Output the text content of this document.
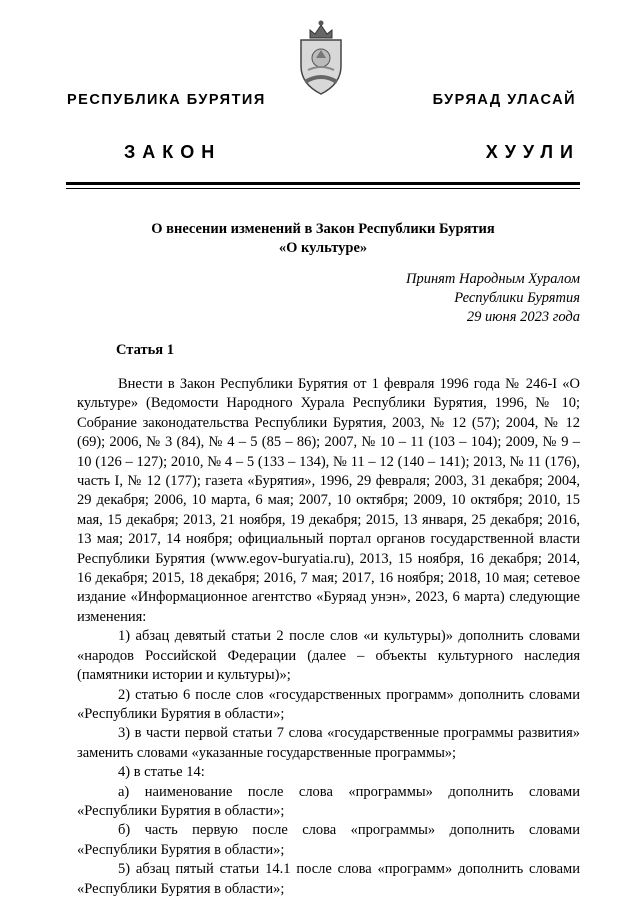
РЕСПУБЛИКА БУРЯТИЯ	БУРЯАД УЛАСАЙ
ЗАКОН	ХУУЛИ
О внесении изменений в Закон Республики Бурятия
«О культуре»
Принят Народным Хуралом
Республики Бурятия
29 июня 2023 года
Статья 1

Внести в Закон Республики Бурятия от 1 февраля 1996 года № 246-I «О культуре» (Ведомости Народного Хурала Республики Бурятия, 1996, № 10; Собрание законодательства Республики Бурятия, 2003, № 12 (57); 2004, № 12 (69); 2006, № 3 (84), № 4 – 5 (85 – 86); 2007, № 10 – 11 (103 – 104); 2009, № 9 – 10 (126 – 127); 2010, № 4 – 5 (133 – 134), № 11 – 12 (140 – 141); 2013, № 11 (176), часть I, № 12 (177); газета «Бурятия», 1996, 29 февраля; 2003, 31 декабря; 2004, 29 декабря; 2006, 10 марта, 6 мая; 2007, 10 октября; 2009, 10 октября; 2010, 15 мая, 15 декабря; 2013, 21 ноября, 19 декабря; 2015, 13 января, 25 декабря; 2016, 13 мая; 2017, 14 ноября; официальный портал органов государственной власти Республики Бурятия (www.egov-buryatia.ru), 2013, 15 ноября, 16 декабря; 2014, 16 декабря; 2015, 18 декабря; 2016, 7 мая; 2017, 16 ноября; 2018, 10 мая; сетевое издание «Информационное агентство «Буряад унэн», 2023, 6 марта) следующие изменения:

1) абзац девятый статьи 2 после слов «и культуры)» дополнить словами «народов Российской Федерации (далее – объекты культурного наследия (памятники истории и культуры)»;

2) статью 6 после слов «государственных программ» дополнить словами «Республики Бурятия в области»;

3) в части первой статьи 7 слова «государственные программы развития» заменить словами «указанные государственные программы»;

4) в статье 14:

а) наименование после слова «программы» дополнить словами «Республики Бурятия в области»;

б) часть первую после слова «программы» дополнить словами «Республики Бурятия в области»;

5) абзац пятый статьи 14.1 после слова «программ» дополнить словами «Республики Бурятия в области»;
